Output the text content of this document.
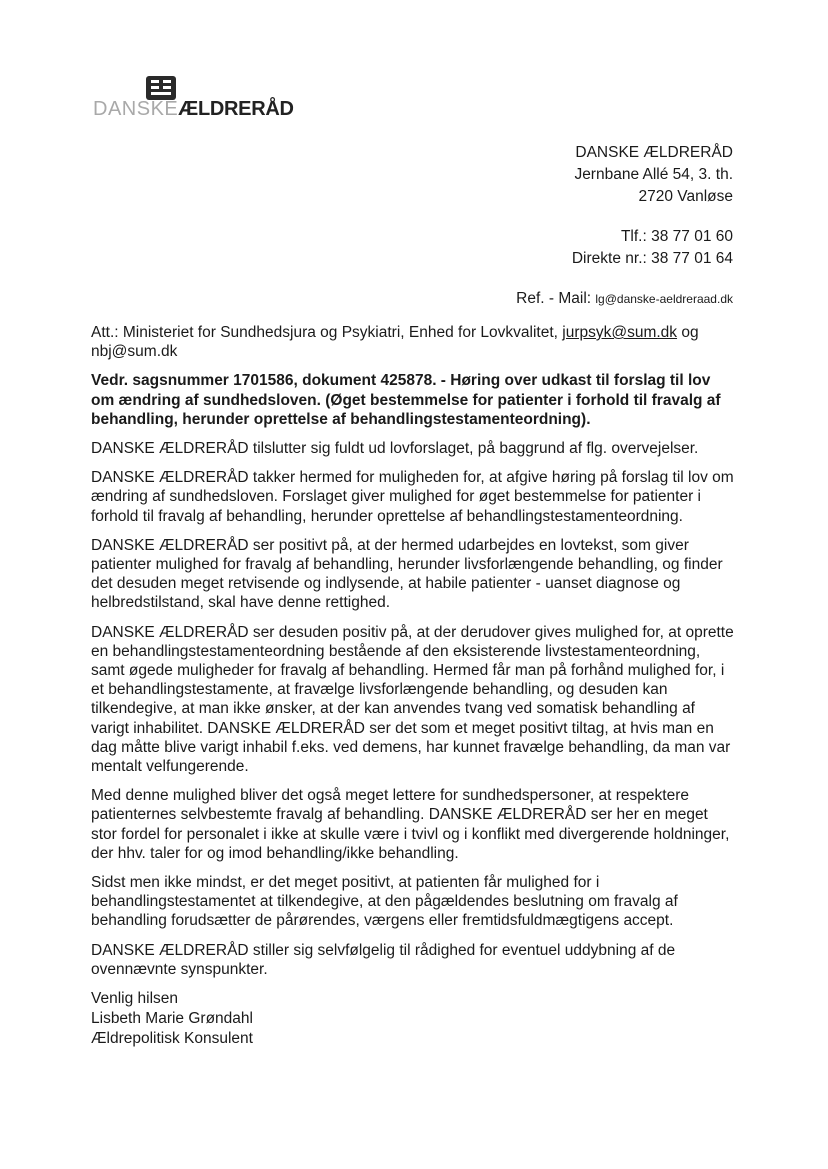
DANSKEÆLDRERÅD
DANSKE ÆLDRERÅD
Jernbane Allé 54, 3. th.
2720 Vanløse
Tlf.: 38 77 01 60
Direkte nr.: 38 77 01 64
Ref. - Mail: lg@danske-aeldreraad.dk

Att.: Ministeriet for Sundhedsjura og Psykiatri, Enhed for Lovkvalitet, jurpsyk@sum.dk og nbj@sum.dk

Vedr. sagsnummer 1701586, dokument 425878. - Høring over udkast til forslag til lov om ændring af sundhedsloven. (Øget bestemmelse for patienter i forhold til fravalg af behandling, herunder oprettelse af behandlingstestamenteordning).

DANSKE ÆLDRERÅD tilslutter sig fuldt ud lovforslaget, på baggrund af flg. overvejelser.

DANSKE ÆLDRERÅD takker hermed for muligheden for, at afgive høring på forslag til lov om ændring af sundhedsloven. Forslaget giver mulighed for øget bestemmelse for patienter i forhold til fravalg af behandling, herunder oprettelse af behandlingstestamenteordning.

DANSKE ÆLDRERÅD ser positivt på, at der hermed udarbejdes en lovtekst, som giver patienter mulighed for fravalg af behandling, herunder livsforlængende behandling, og finder det desuden meget retvisende og indlysende, at habile patienter - uanset diagnose og helbredstilstand, skal have denne rettighed.

DANSKE ÆLDRERÅD ser desuden positiv på, at der derudover gives mulighed for, at oprette en behandlingstestamenteordning bestående af den eksisterende livstestamenteordning, samt øgede muligheder for fravalg af behandling. Hermed får man på forhånd mulighed for, i et behandlingstestamente, at fravælge livsforlængende behandling, og desuden kan tilkendegive, at man ikke ønsker, at der kan anvendes tvang ved somatisk behandling af varigt inhabilitet. DANSKE ÆLDRERÅD ser det som et meget positivt tiltag, at hvis man en dag måtte blive varigt inhabil f.eks. ved demens, har kunnet fravælge behandling, da man var mentalt velfungerende.

Med denne mulighed bliver det også meget lettere for sundhedspersoner, at respektere patienternes selvbestemte fravalg af behandling. DANSKE ÆLDRERÅD ser her en meget stor fordel for personalet i ikke at skulle være i tvivl og i konflikt med divergerende holdninger, der hhv. taler for og imod behandling/ikke behandling.

Sidst men ikke mindst, er det meget positivt, at patienten får mulighed for i behandlingstestamentet at tilkendegive, at den pågældendes beslutning om fravalg af behandling forudsætter de pårørendes, værgens eller fremtidsfuldmægtigens accept.

DANSKE ÆLDRERÅD stiller sig selvfølgelig til rådighed for eventuel uddybning af de ovennævnte synspunkter.

Venlig hilsen
Lisbeth Marie Grøndahl
Ældrepolitisk Konsulent
